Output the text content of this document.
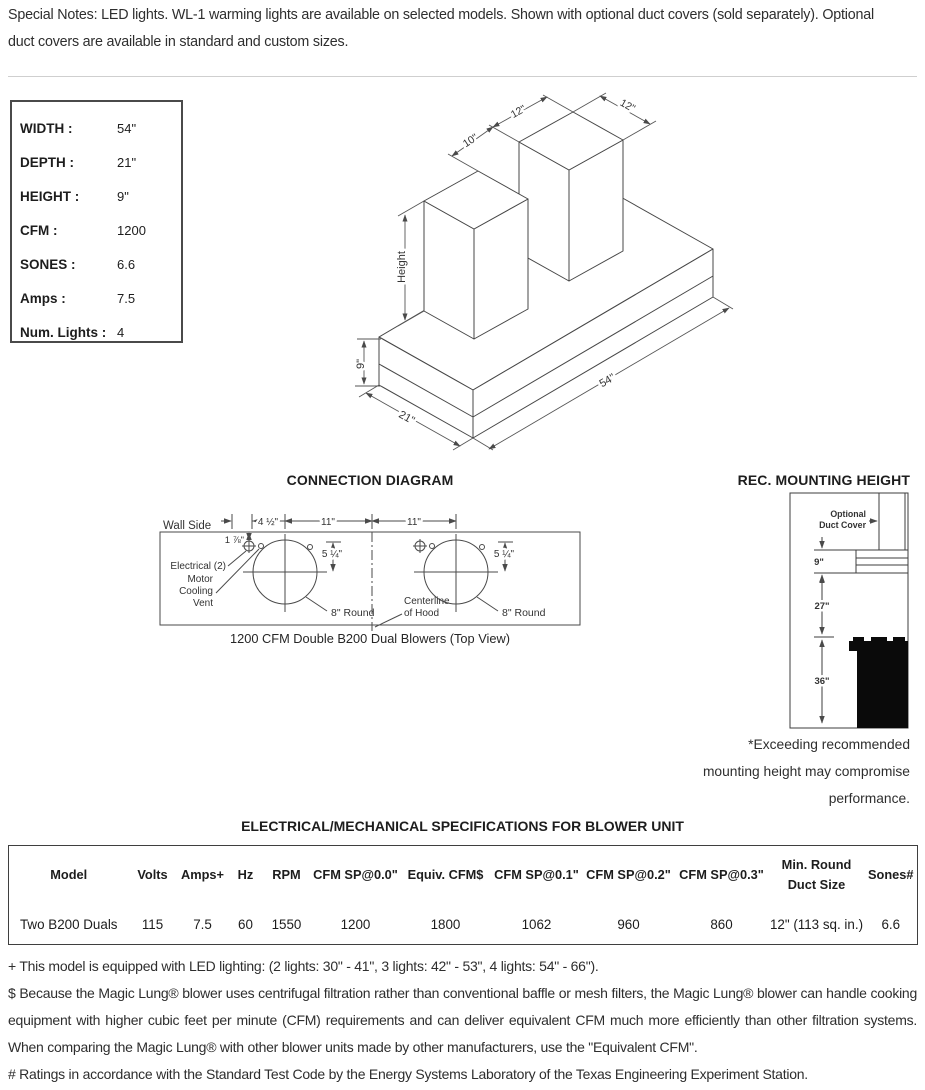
Special Notes: LED lights. WL-1 warming lights are available on selected models. Shown with optional duct covers (sold separately). Optional duct covers are available in standard and custom sizes.
WIDTH :	54"
DEPTH :	21"
HEIGHT :	9"
CFM :	1200
SONES :	6.6
Amps :	7.5
Num. Lights : 4
9"
Height
21"
54"
10"
12"	12"
CONNECTION DIAGRAM
Wall Side	4 ½"	11"	11"
1 ⅞"
5 ¼"	5 ¼"
Electrical (2)
Motor
Cooling
Vent
8" Round	8" Round
Centerline
of Hood
1200 CFM Double B200 Dual Blowers (Top View)
REC. MOUNTING HEIGHT
Optional
Duct Cover
9"
27"
36"
*Exceeding recommended mounting height may compromise performance.
ELECTRICAL/MECHANICAL SPECIFICATIONS FOR BLOWER UNIT
Model	Volts	Amps+	Hz	RPM	CFM SP@0.0"	Equiv. CFM$	CFM SP@0.1"	CFM SP@0.2"	CFM SP@0.3"	Min. Round Duct Size	Sones#
Two B200 Duals	115	7.5	60	1550	1200	1800	1062	960	860	12" (113 sq. in.)	6.6
+ This model is equipped with LED lighting: (2 lights: 30" - 41", 3 lights: 42" - 53", 4 lights: 54" - 66").
$ Because the Magic Lung® blower uses centrifugal filtration rather than conventional baffle or mesh filters, the Magic Lung® blower can handle cooking equipment with higher cubic feet per minute (CFM) requirements and can deliver equivalent CFM much more efficiently than other filtration systems. When comparing the Magic Lung® with other blower units made by other manufacturers, use the "Equivalent CFM".
# Ratings in accordance with the Standard Test Code by the Energy Systems Laboratory of the Texas Engineering Experiment Station.
